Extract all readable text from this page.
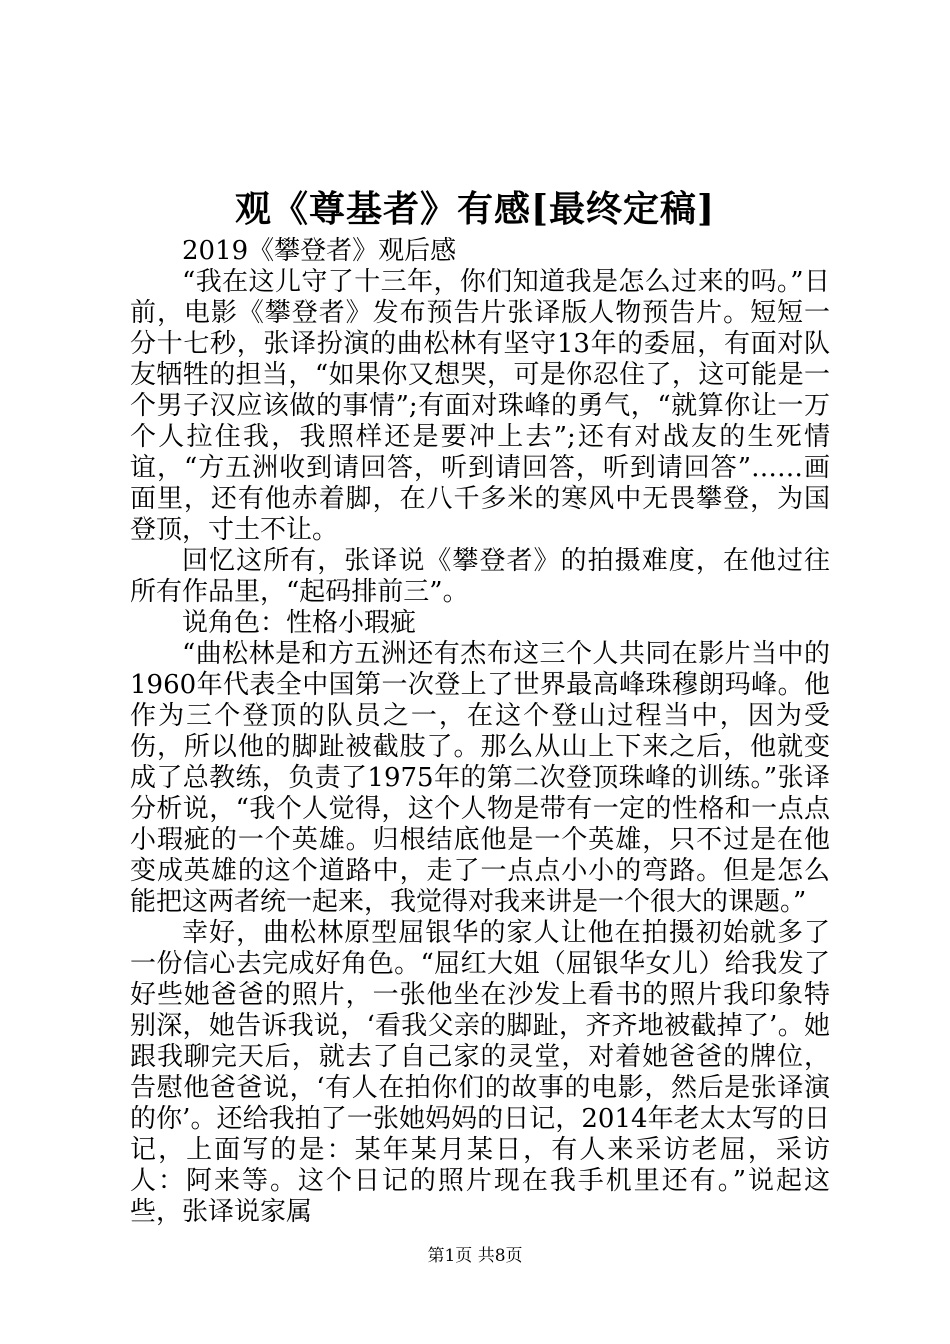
观《尊基者》有感[最终定稿]

2019《攀登者》观后感

“我在这儿守了十三年，你们知道我是怎么过来的吗。”日前，电影《攀登者》发布预告片张译版人物预告片。短短一分十七秒，张译扮演的曲松林有坚守13年的委屈，有面对队友牺牲的担当，“如果你又想哭，可是你忍住了，这可能是一个男子汉应该做的事情”;有面对珠峰的勇气，“就算你让一万个人拉住我，我照样还是要冲上去”;还有对战友的生死情谊，“方五洲收到请回答，听到请回答，听到请回答”……画面里，还有他赤着脚，在八千多米的寒风中无畏攀登，为国登顶，寸土不让。

回忆这所有，张译说《攀登者》的拍摄难度，在他过往所有作品里，“起码排前三”。

说角色：性格小瑕疵

“曲松林是和方五洲还有杰布这三个人共同在影片当中的1960年代表全中国第一次登上了世界最高峰珠穆朗玛峰。他作为三个登顶的队员之一，在这个登山过程当中，因为受伤，所以他的脚趾被截肢了。那么从山上下来之后，他就变成了总教练，负责了1975年的第二次登顶珠峰的训练。”张译分析说，“我个人觉得，这个人物是带有一定的性格和一点点小瑕疵的一个英雄。归根结底他是一个英雄，只不过是在他变成英雄的这个道路中，走了一点点小小的弯路。但是怎么能把这两者统一起来，我觉得对我来讲是一个很大的课题。”

幸好，曲松林原型屈银华的家人让他在拍摄初始就多了一份信心去完成好角色。“屈红大姐（屈银华女儿）给我发了好些她爸爸的照片，一张他坐在沙发上看书的照片我印象特别深，她告诉我说，‘看我父亲的脚趾，齐齐地被截掉了’。她跟我聊完天后，就去了自己家的灵堂，对着她爸爸的牌位，告慰他爸爸说，‘有人在拍你们的故事的电影，然后是张译演的你’。还给我拍了一张她妈妈的日记，2014年老太太写的日记，上面写的是：某年某月某日，有人来采访老屈，采访人：阿来等。这个日记的照片现在我手机里还有。”说起这些，张译说家属

第1页 共8页
